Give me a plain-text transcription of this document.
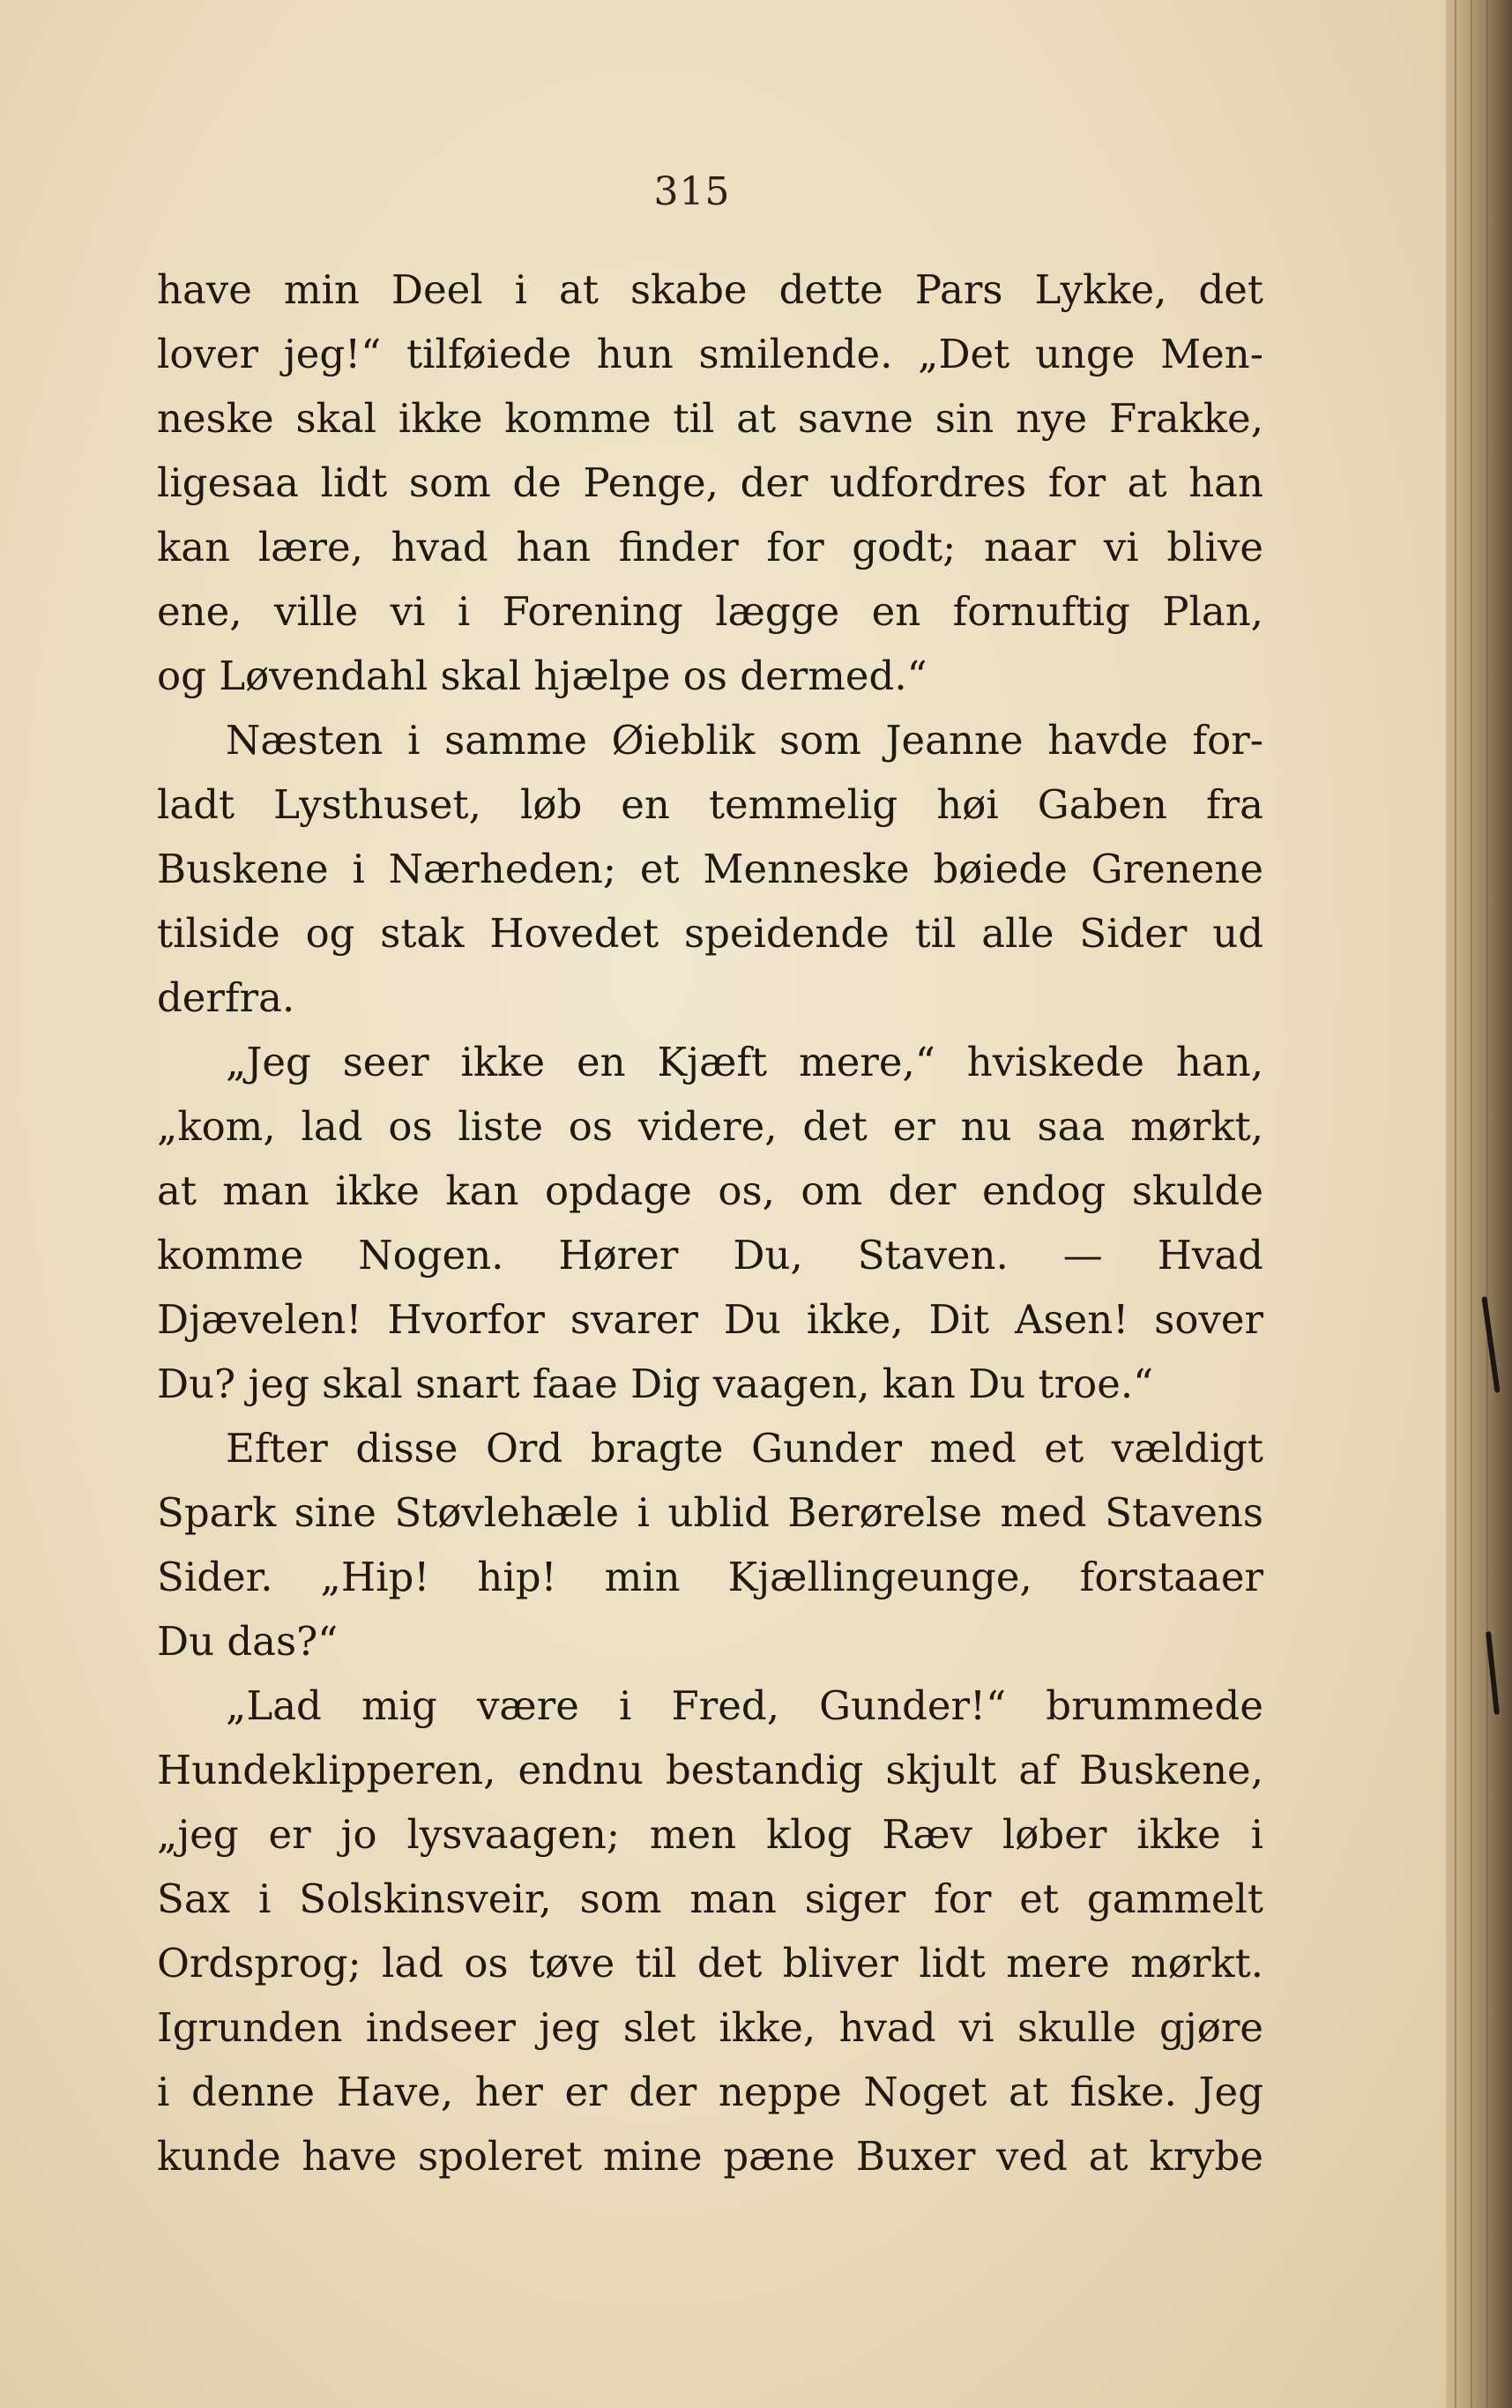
315
have min Deel i at skabe dette Pars Lykke, det
lover jeg!“ tilføiede hun smilende. „Det unge Men-
neske skal ikke komme til at savne sin nye Frakke,
ligesaa lidt som de Penge, der udfordres for at han
kan lære, hvad han finder for godt; naar vi blive
ene, ville vi i Forening lægge en fornuftig Plan,
og Løvendahl skal hjælpe os dermed.“
Næsten i samme Øieblik som Jeanne havde for-
ladt Lysthuset, løb en temmelig høi Gaben fra
Buskene i Nærheden; et Menneske bøiede Grenene
tilside og stak Hovedet speidende til alle Sider ud
derfra.
„Jeg seer ikke en Kjæft mere,“ hviskede han,
„kom, lad os liste os videre, det er nu saa mørkt,
at man ikke kan opdage os, om der endog skulde
komme Nogen. Hører Du, Staven. — Hvad
Djævelen! Hvorfor svarer Du ikke, Dit Asen! sover
Du? jeg skal snart faae Dig vaagen, kan Du troe.“
Efter disse Ord bragte Gunder med et vældigt
Spark sine Støvlehæle i ublid Berørelse med Stavens
Sider. „Hip! hip! min Kjællingeunge, forstaaer
Du das?“
„Lad mig være i Fred, Gunder!“ brummede
Hundeklipperen, endnu bestandig skjult af Buskene,
„jeg er jo lysvaagen; men klog Ræv løber ikke i
Sax i Solskinsveir, som man siger for et gammelt
Ordsprog; lad os tøve til det bliver lidt mere mørkt.
Igrunden indseer jeg slet ikke, hvad vi skulle gjøre
i denne Have, her er der neppe Noget at fiske. Jeg
kunde have spoleret mine pæne Buxer ved at krybe
